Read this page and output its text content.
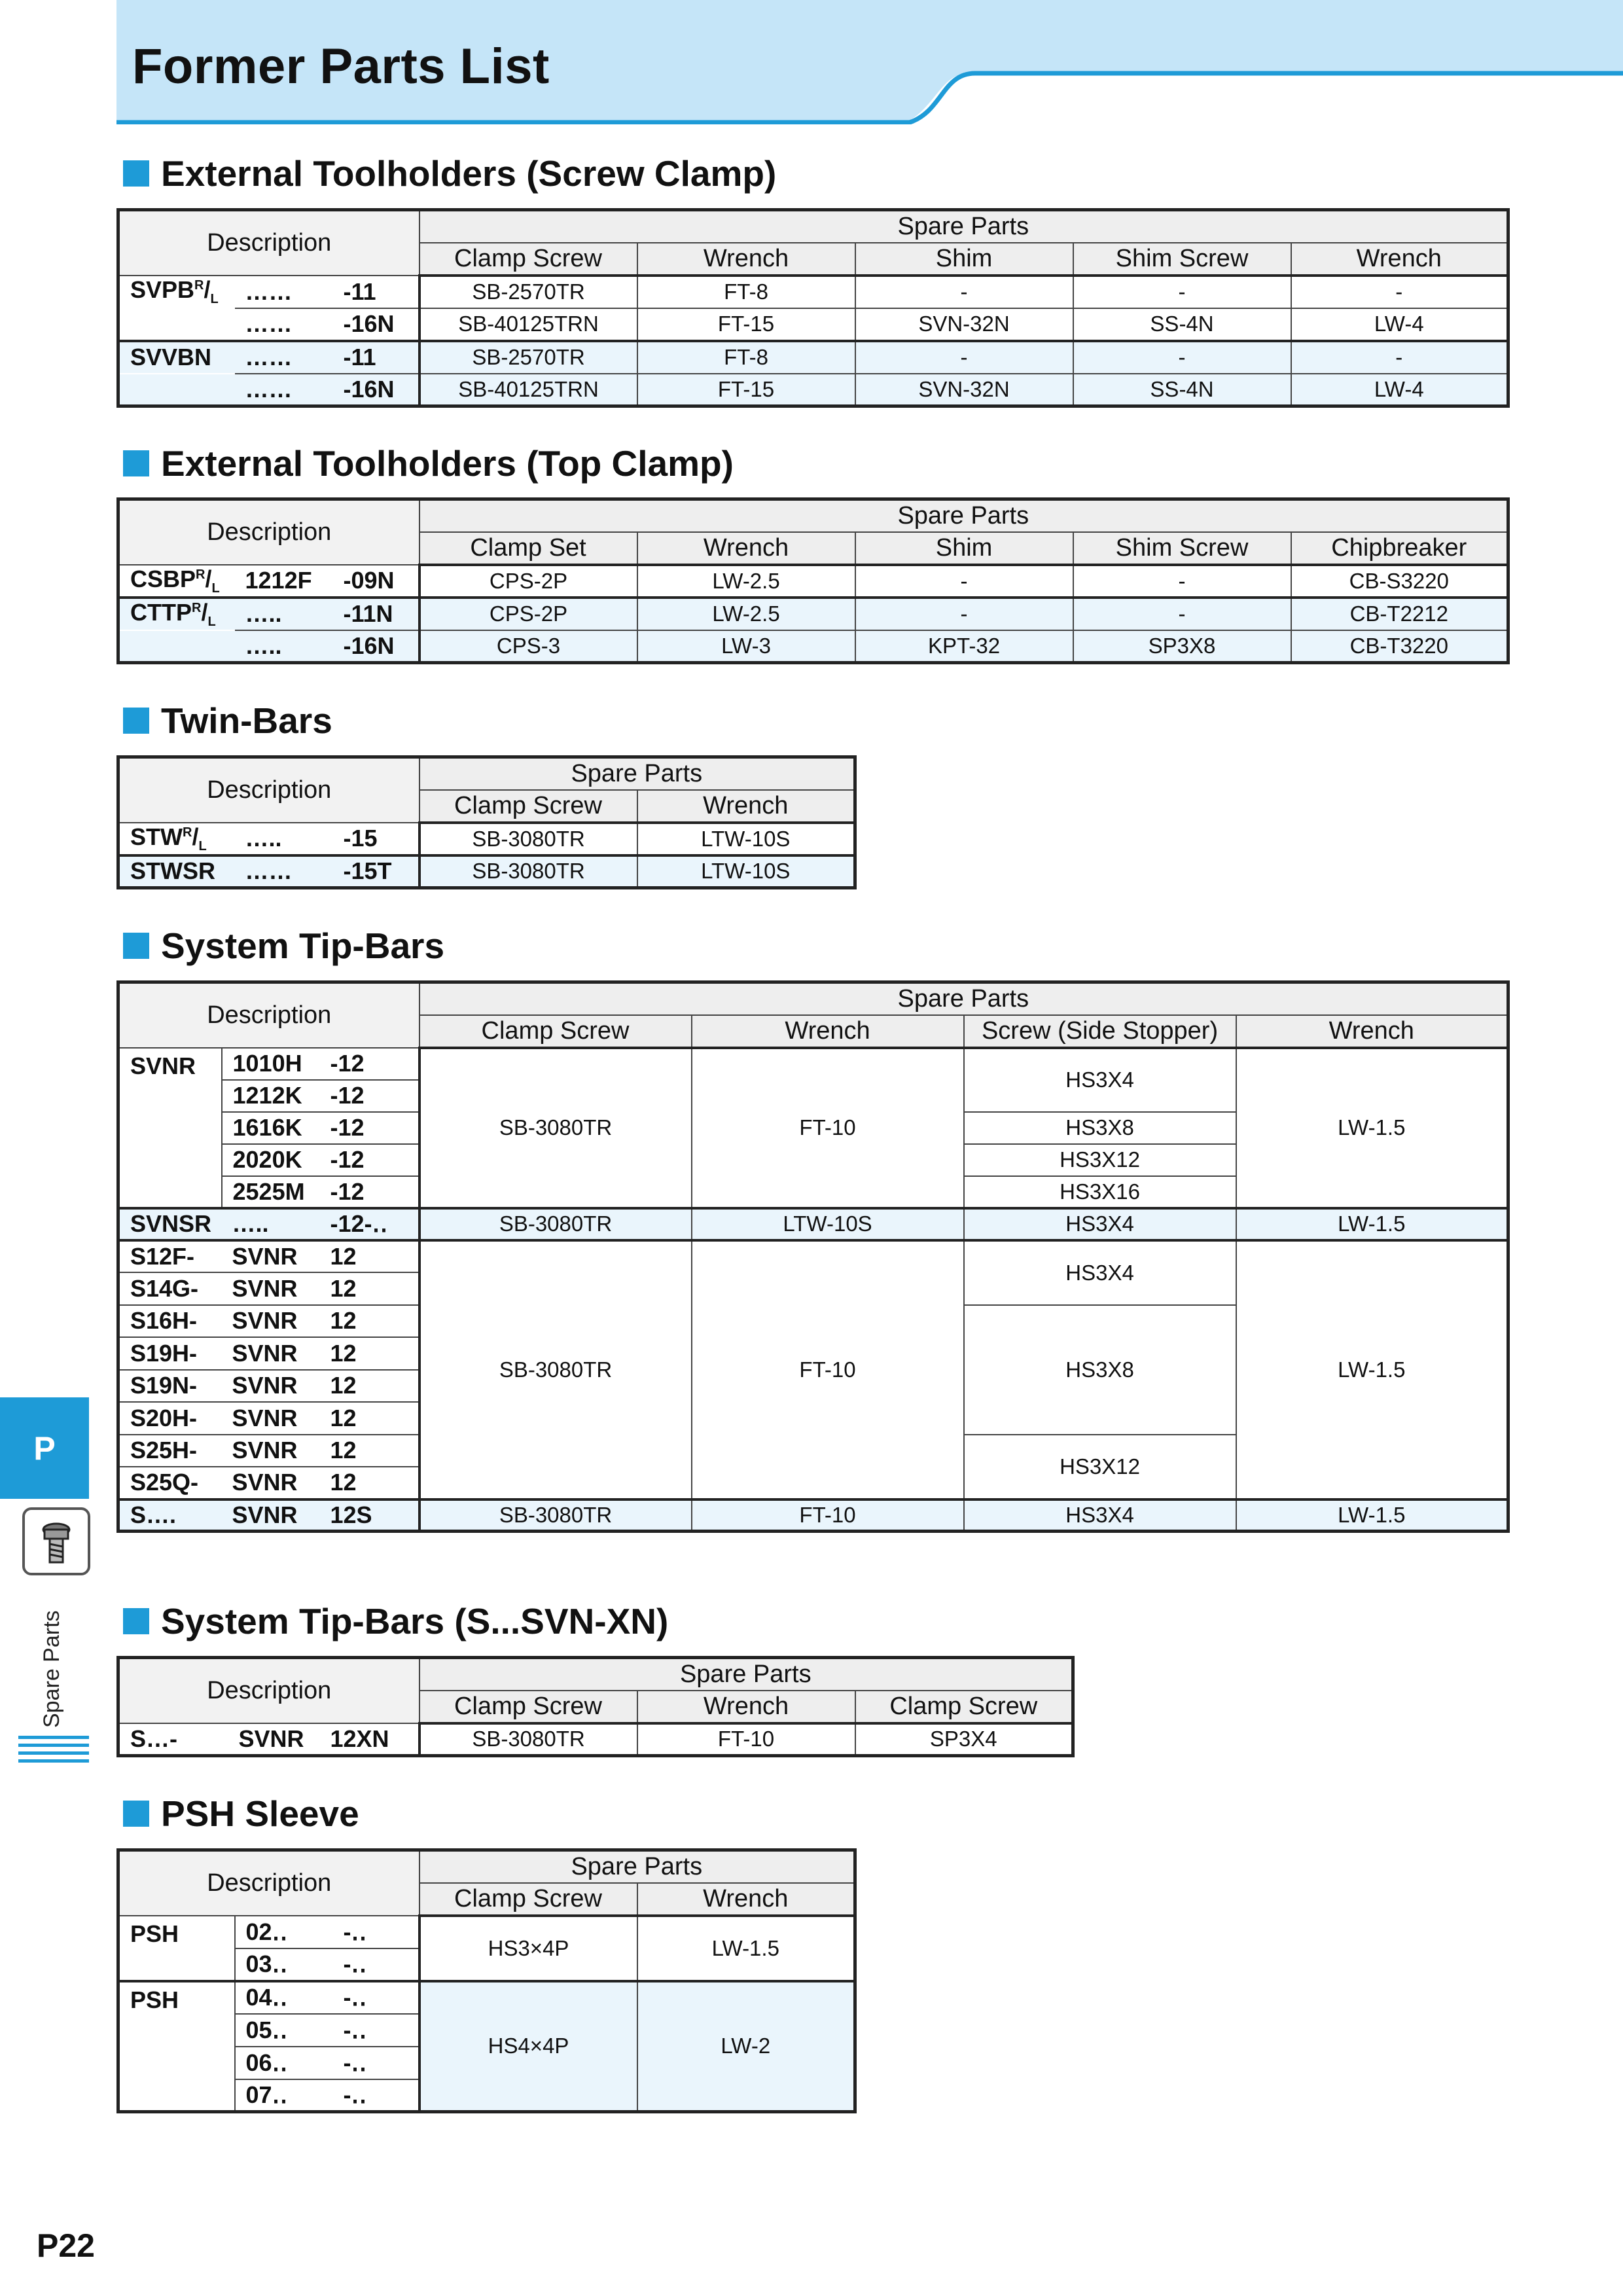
Former Parts List
External Toolholders (Screw Clamp)
Description			Spare Parts				
			Clamp Screw	Wrench	Shim	Shim Screw	Wrench
$SVPB^R/_L$	……	-11	SB-2570TR	FT-8	-	-	-
	……	-16N	SB-40125TRN	FT-15	SVN-32N	SS-4N	LW-4
SVVBN	……	-11	SB-2570TR	FT-8	-	-	-
	……	-16N	SB-40125TRN	FT-15	SVN-32N	SS-4N	LW-4
External Toolholders (Top Clamp)
Description			Spare Parts				
			Clamp Set	Wrench	Shim	Shim Screw	Chipbreaker
$CSBP^R/_L$	1212F	-09N	CPS-2P	LW-2.5	-	-	CB-S3220
$CTTP^R/_L$	…..	-11N	CPS-2P	LW-2.5	-	-	CB-T2212
	…..	-16N	CPS-3	LW-3	KPT-32	SP3X8	CB-T3220
Twin-Bars
Description			Spare Parts	
			Clamp Screw	Wrench
$STW^R/_L$	…..	-15	SB-3080TR	LTW-10S
STWSR	……	-15T	SB-3080TR	LTW-10S
System Tip-Bars
Description			Spare Parts			
			Clamp Screw	Wrench	Screw (Side Stopper)	Wrench
SVNR	1010H	-12	SB-3080TR	FT-10	HS3X4	LW-1.5
	1212K	-12				
	1616K	-12			HS3X8	
	2020K	-12			HS3X12	
	2525M	-12			HS3X16	
SVNSR	…..	-12-‥	SB-3080TR	LTW-10S	HS3X4	LW-1.5
S12F-	SVNR	12	SB-3080TR	FT-10	HS3X4	LW-1.5
S14G-	SVNR	12				
S16H-	SVNR	12			HS3X8	
S19H-	SVNR	12				
S19N-	SVNR	12				
S20H-	SVNR	12				
S25H-	SVNR	12			HS3X12	
S25Q-	SVNR	12				
S….	SVNR	12S	SB-3080TR	FT-10	HS3X4	LW-1.5
System Tip-Bars (S...SVN-XN)
Description			Spare Parts		
			Clamp Screw	Wrench	Clamp Screw
S…-	SVNR	12XN	SB-3080TR	FT-10	SP3X4
PSH Sleeve
Description			Spare Parts	
			Clamp Screw	Wrench
PSH	02‥	-‥	HS3×4P	LW-1.5
	03‥	-‥		
PSH	04‥	-‥	HS4×4P	LW-2
	05‥	-‥		
	06‥	-‥		
	07‥	-‥		
P
Spare Parts
P22
